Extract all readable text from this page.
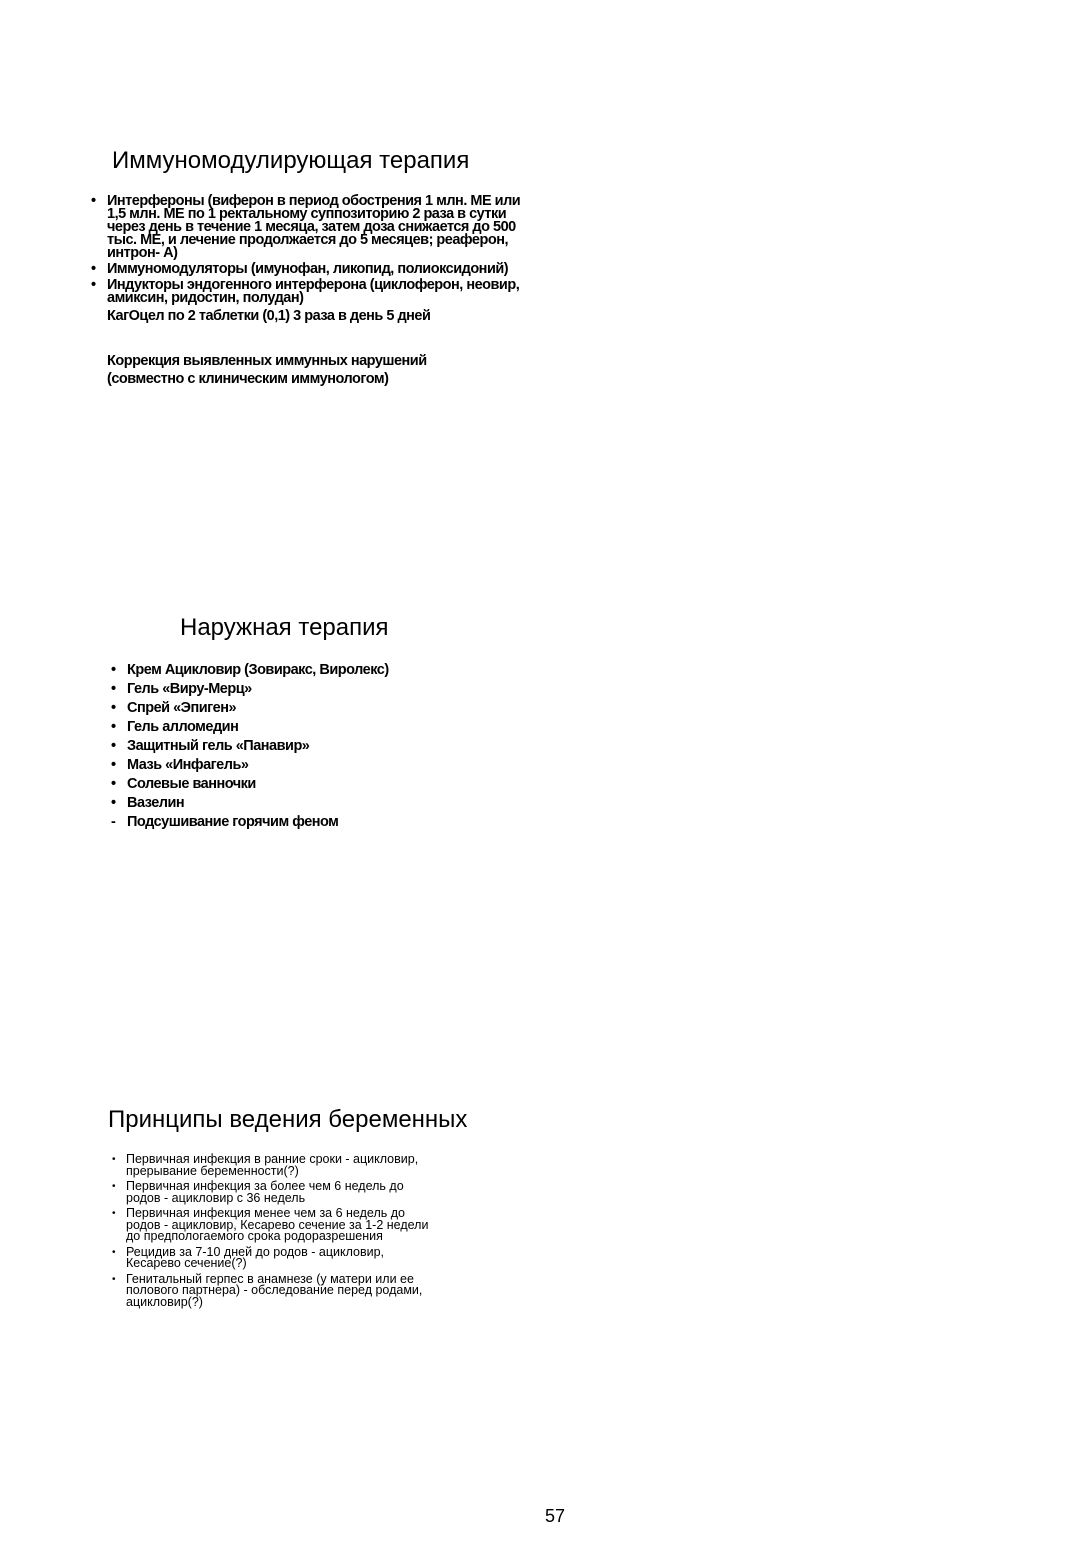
Иммуномодулирующая терапия
• Интерфероны (виферон в период обострения 1 млн. МЕ или 1,5 млн. МЕ по 1 ректальному суппозиторию 2 раза в сутки через день в течение 1 месяца, затем доза снижается до 500 тыс. МЕ, и лечение продолжается до 5 месяцев; реаферон, интрон- А)
• Иммуномодуляторы (имунофан, ликопид, полиоксидоний)
• Индукторы эндогенного интерферона (циклоферон, неовир, амиксин, ридостин, полудан)
КагОцел по 2 таблетки (0,1) 3 раза в день 5 дней
Коррекция выявленных иммунных нарушений
(совместно с клиническим иммунологом)
Наружная терапия
• Крем Ацикловир (Зовиракс, Виролекс)
• Гель «Виру-Мерц»
• Спрей «Эпиген»
• Гель алломедин
• Защитный гель «Панавир»
• Мазь «Инфагель»
• Солевые ванночки
• Вазелин
- Подсушивание горячим феном
Принципы ведения беременных
• Первичная инфекция в ранние сроки - ацикловир,
прерывание беременности(?)
• Первичная инфекция за более чем 6 недель до
родов - ацикловир с 36 недель
• Первичная инфекция менее чем за 6 недель до
родов - ацикловир, Кесарево сечение за 1-2 недели
до предпологаемого срока родоразрешения
• Рецидив за 7-10 дней до родов - ацикловир,
Кесарево сечение(?)
• Генитальный герпес в анамнезе (у матери или ее
полового партнера) - обследование перед родами,
ацикловир(?)
57
